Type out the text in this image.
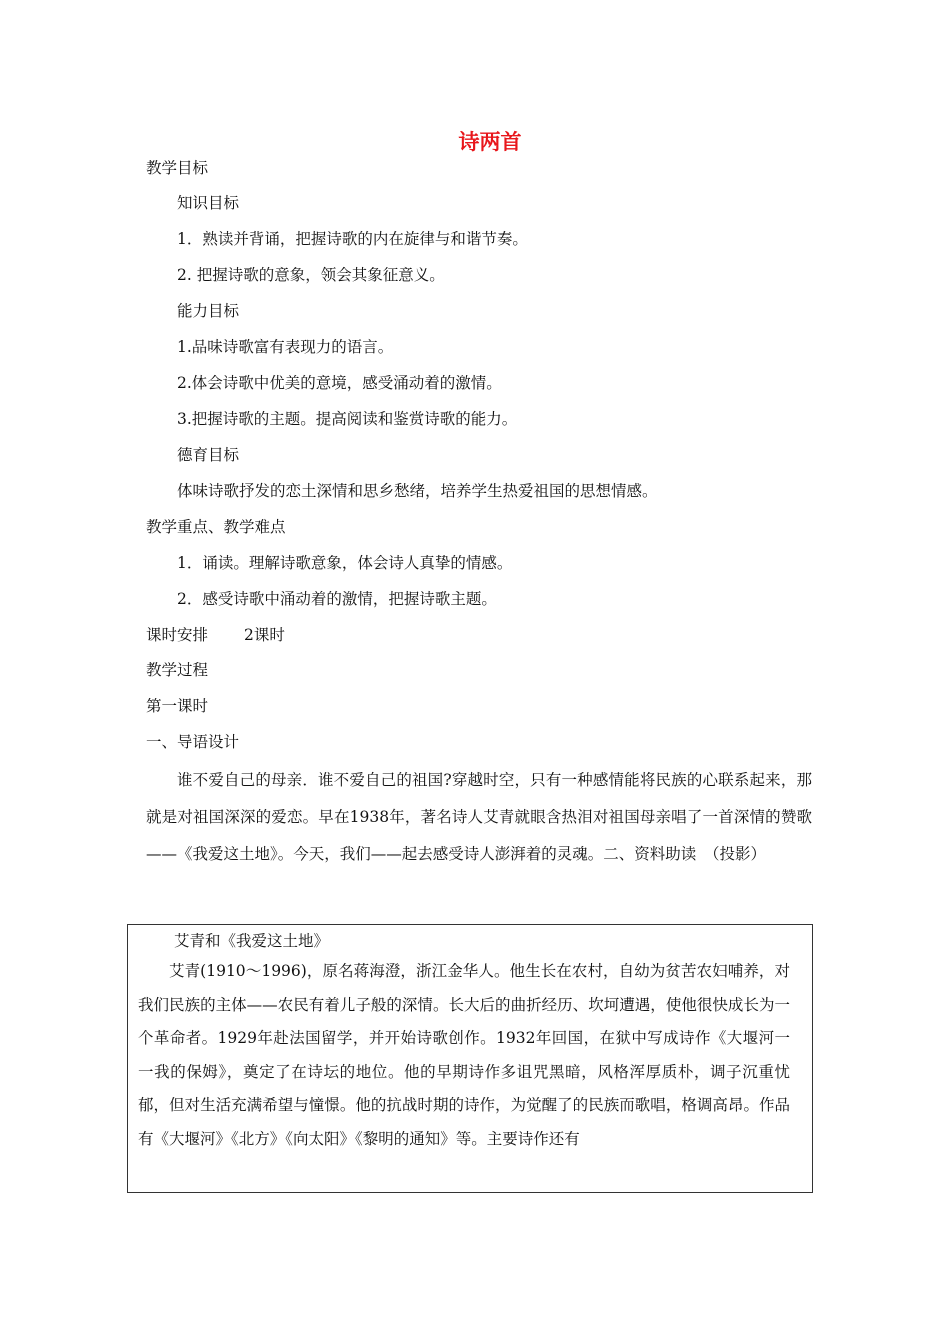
诗两首
教学目标
知识目标
1．熟读并背诵，把握诗歌的内在旋律与和谐节奏。
2. 把握诗歌的意象，领会其象征意义。
能力目标
1.品味诗歌富有表现力的语言。
2.体会诗歌中优美的意境，感受涌动着的激情。
3.把握诗歌的主题。提高阅读和鉴赏诗歌的能力。
德育目标
体味诗歌抒发的恋土深情和思乡愁绪，培养学生热爱祖国的思想情感。
教学重点、教学难点
1．诵读。理解诗歌意象，体会诗人真挚的情感。
2．感受诗歌中涌动着的激情，把握诗歌主题。
课时安排 2课时
教学过程
第一课时
一、导语设计
谁不爱自己的母亲．谁不爱自己的祖国?穿越时空，只有一种感情能将民族的心联系起来，那就是对祖国深深的爱恋。早在1938年，著名诗人艾青就眼含热泪对祖国母亲唱了一首深情的赞歌——《我爱这土地》。今天，我们——起去感受诗人澎湃着的灵魂。二、资料助读　（投影）
艾青和《我爱这土地》
艾青(1910～1996)，原名蒋海澄，浙江金华人。他生长在农村，自幼为贫苦农妇哺养，对我们民族的主体——农民有着儿子般的深情。长大后的曲折经历、坎坷遭遇，使他很快成长为一个革命者。1929年赴法国留学，并开始诗歌创作。1932年回国，在狱中写成诗作《大堰河一一我的保姆》，奠定了在诗坛的地位。他的早期诗作多诅咒黑暗，风格浑厚质朴，调子沉重忧郁，但对生活充满希望与憧憬。他的抗战时期的诗作，为觉醒了的民族而歌唱，格调高昂。作品有《大堰河》《北方》《向太阳》《黎明的通知》等。主要诗作还有
